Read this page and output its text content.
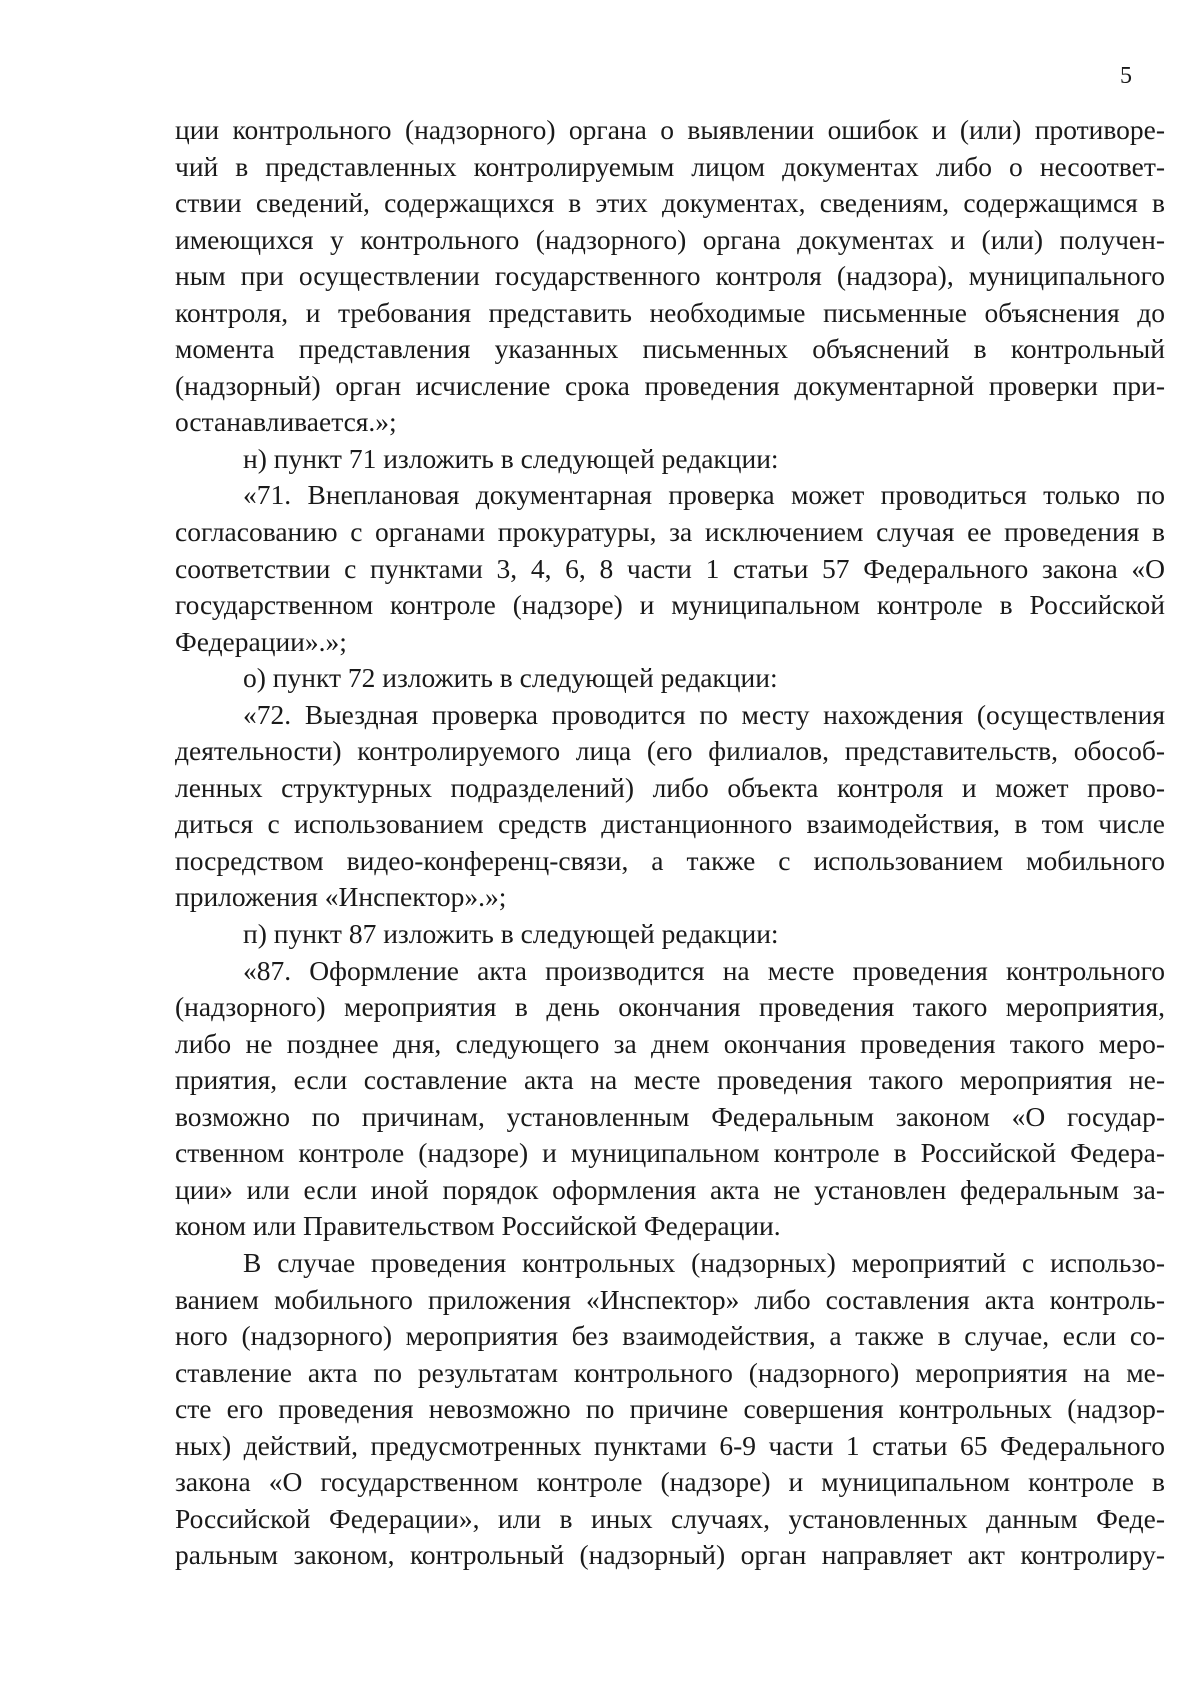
5
ции контрольного (надзорного) органа о выявлении ошибок и (или) противоре-
чий в представленных контролируемым лицом документах либо о несоответ-
ствии сведений, содержащихся в этих документах, сведениям, содержащимся в
имеющихся у контрольного (надзорного) органа документах и (или) получен-
ным при осуществлении государственного контроля (надзора), муниципального
контроля, и требования представить необходимые письменные объяснения до
момента представления указанных письменных объяснений в контрольный
(надзорный) орган исчисление срока проведения документарной проверки при-
останавливается.»;
н) пункт 71 изложить в следующей редакции:
«71. Внеплановая документарная проверка может проводиться только по
согласованию с органами прокуратуры, за исключением случая ее проведения в
соответствии с пунктами 3, 4, 6, 8 части 1 статьи 57 Федерального закона «О
государственном контроле (надзоре) и муниципальном контроле в Российской
Федерации».»;
о) пункт 72 изложить в следующей редакции:
«72. Выездная проверка проводится по месту нахождения (осуществления
деятельности) контролируемого лица (его филиалов, представительств, обособ-
ленных структурных подразделений) либо объекта контроля и может прово-
диться с использованием средств дистанционного взаимодействия, в том числе
посредством видео-конференц-связи, а также с использованием мобильного
приложения «Инспектор».»;
п) пункт 87 изложить в следующей редакции:
«87. Оформление акта производится на месте проведения контрольного
(надзорного) мероприятия в день окончания проведения такого мероприятия,
либо не позднее дня, следующего за днем окончания проведения такого меро-
приятия, если составление акта на месте проведения такого мероприятия не-
возможно по причинам, установленным Федеральным законом «О государ-
ственном контроле (надзоре) и муниципальном контроле в Российской Федера-
ции» или если иной порядок оформления акта не установлен федеральным за-
коном или Правительством Российской Федерации.
В случае проведения контрольных (надзорных) мероприятий с использо-
ванием мобильного приложения «Инспектор» либо составления акта контроль-
ного (надзорного) мероприятия без взаимодействия, а также в случае, если со-
ставление акта по результатам контрольного (надзорного) мероприятия на ме-
сте его проведения невозможно по причине совершения контрольных (надзор-
ных) действий, предусмотренных пунктами 6-9 части 1 статьи 65 Федерального
закона «О государственном контроле (надзоре) и муниципальном контроле в
Российской Федерации», или в иных случаях, установленных данным Феде-
ральным законом, контрольный (надзорный) орган направляет акт контролиру-
